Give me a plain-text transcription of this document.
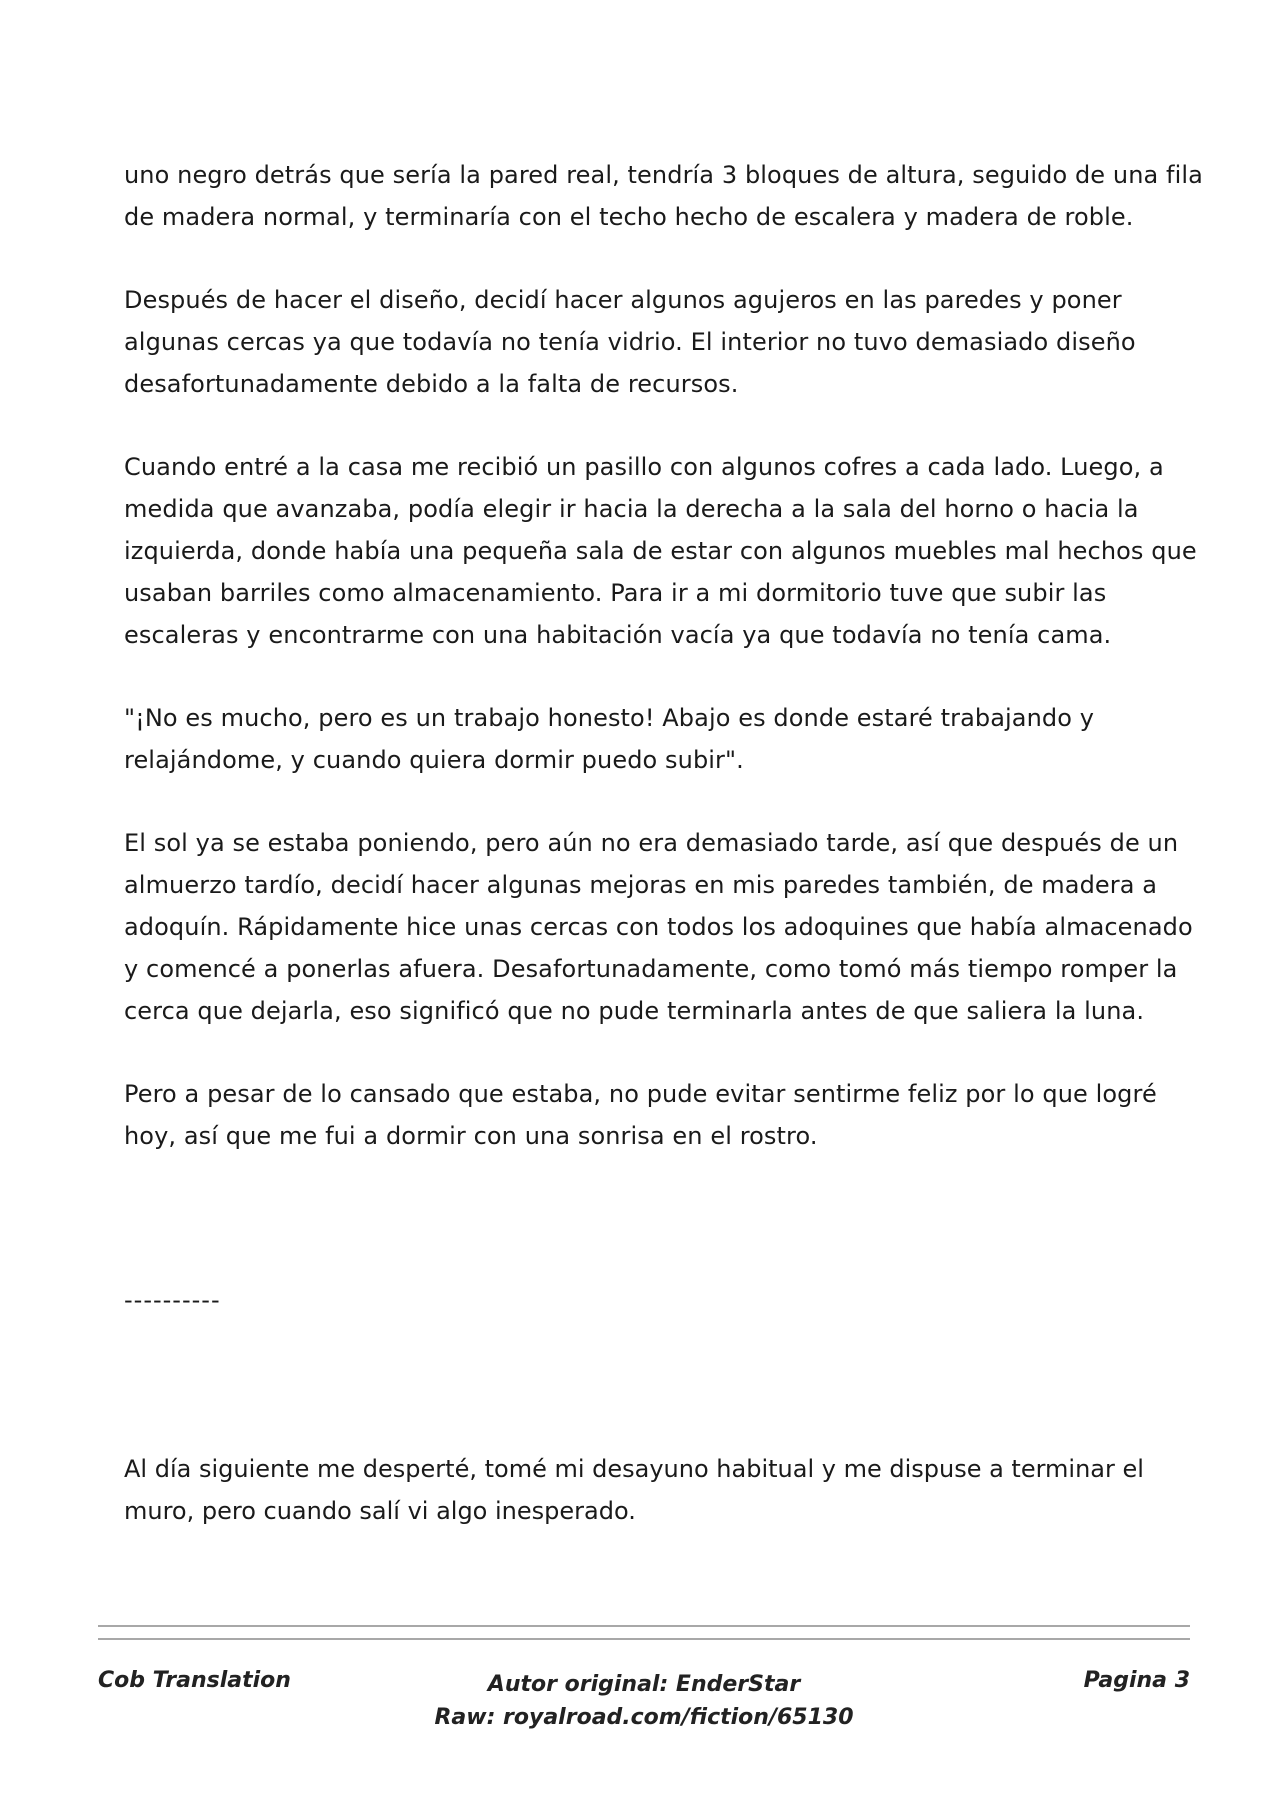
uno negro detrás que sería la pared real, tendría 3 bloques de altura, seguido de una fila de madera normal, y terminaría con el techo hecho de escalera y madera de roble.

Después de hacer el diseño, decidí hacer algunos agujeros en las paredes y poner algunas cercas ya que todavía no tenía vidrio. El interior no tuvo demasiado diseño desafortunadamente debido a la falta de recursos.

Cuando entré a la casa me recibió un pasillo con algunos cofres a cada lado. Luego, a medida que avanzaba, podía elegir ir hacia la derecha a la sala del horno o hacia la izquierda, donde había una pequeña sala de estar con algunos muebles mal hechos que usaban barriles como almacenamiento. Para ir a mi dormitorio tuve que subir las escaleras y encontrarme con una habitación vacía ya que todavía no tenía cama.

"¡No es mucho, pero es un trabajo honesto! Abajo es donde estaré trabajando y relajándome, y cuando quiera dormir puedo subir".

El sol ya se estaba poniendo, pero aún no era demasiado tarde, así que después de un almuerzo tardío, decidí hacer algunas mejoras en mis paredes también, de madera a adoquín. Rápidamente hice unas cercas con todos los adoquines que había almacenado y comencé a ponerlas afuera. Desafortunadamente, como tomó más tiempo romper la cerca que dejarla, eso significó que no pude terminarla antes de que saliera la luna.

Pero a pesar de lo cansado que estaba, no pude evitar sentirme feliz por lo que logré hoy, así que me fui a dormir con una sonrisa en el rostro.

----------

Al día siguiente me desperté, tomé mi desayuno habitual y me dispuse a terminar el muro, pero cuando salí vi algo inesperado.

Cob Translation	Autor original: EnderStar
Raw: royalroad.com/fiction/65130
Pagina 3
